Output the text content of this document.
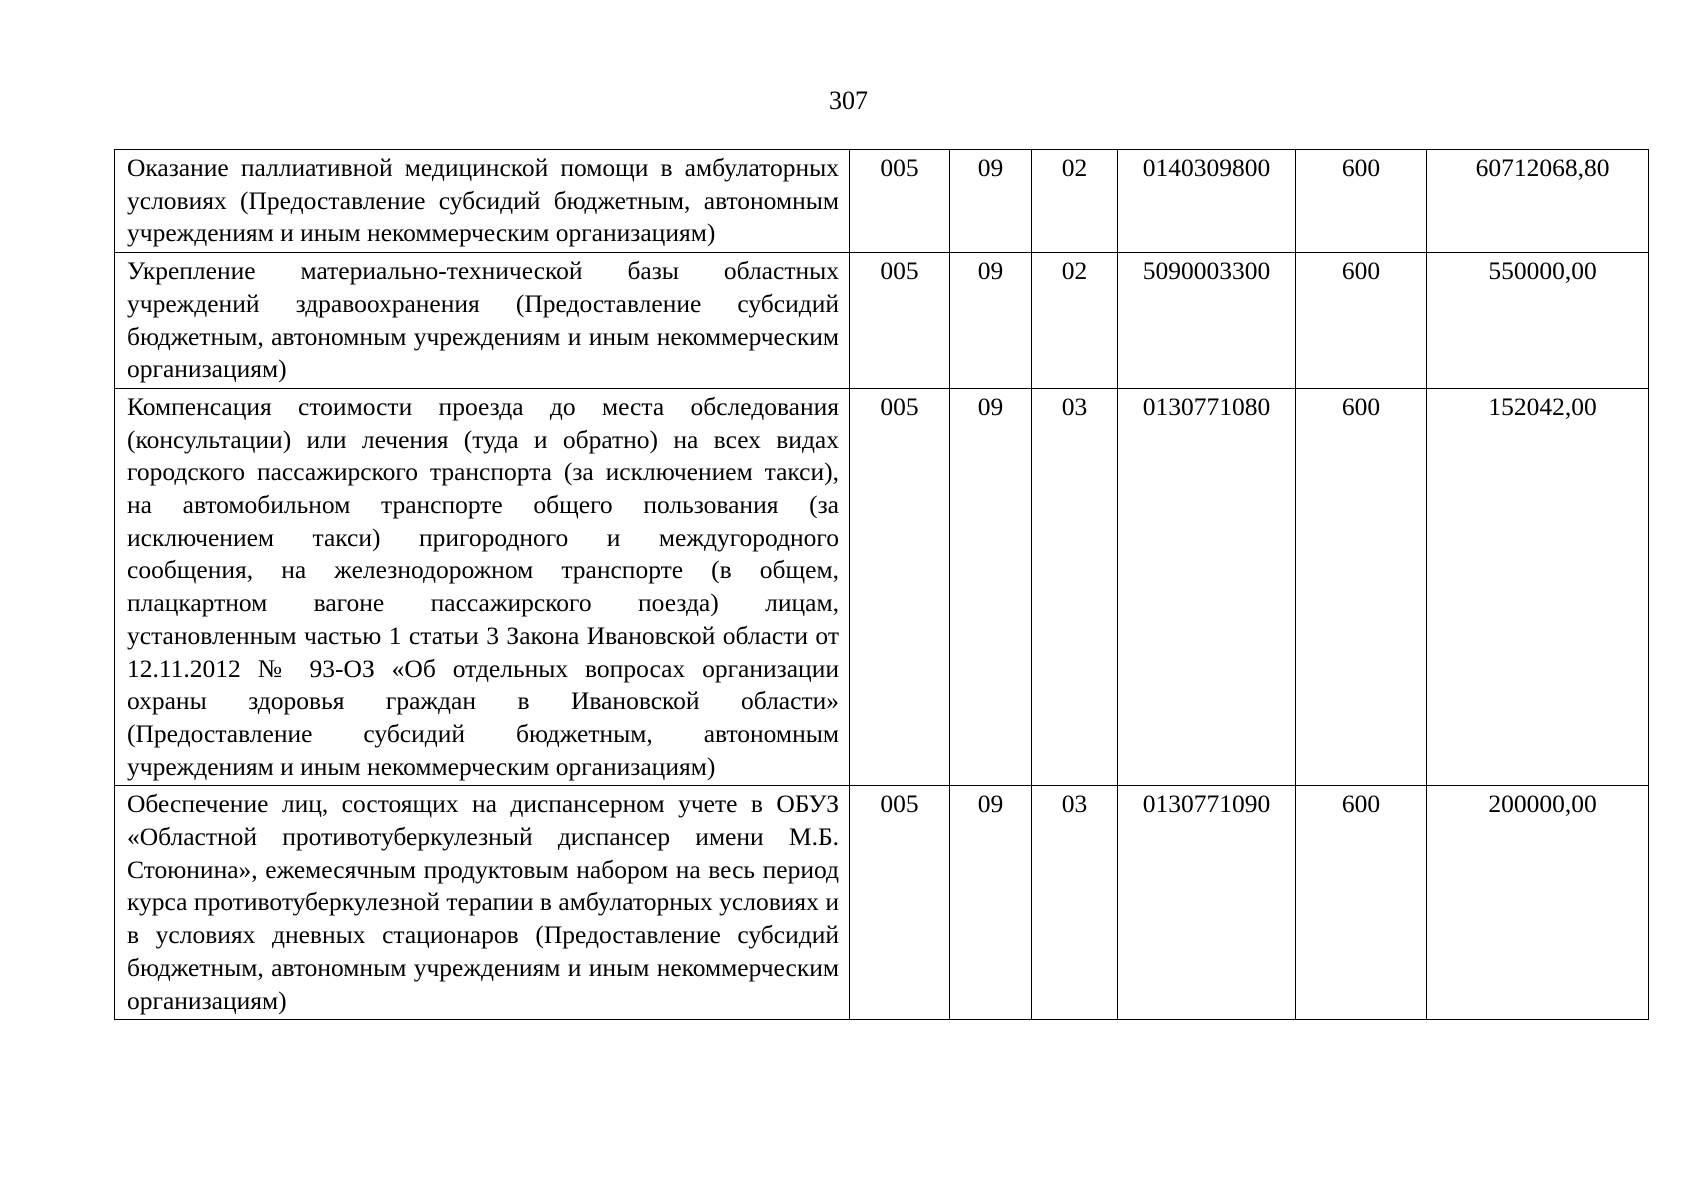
307
Оказание паллиативной медицинской помощи в амбулаторных условиях (Предоставление субсидий бюджетным, автономным учреждениям и иным некоммерческим организациям)	005	09	02	0140309800	600	60712068,80
Укрепление материально-технической базы областных учреждений здравоохранения (Предоставление субсидий бюджетным, автономным учреждениям и иным некоммерческим организациям)	005	09	02	5090003300	600	550000,00
Компенсация стоимости проезда до места обследования (консультации) или лечения (туда и обратно) на всех видах городского пассажирского транспорта (за исключением такси), на автомобильном транспорте общего пользования (за исключением такси) пригородного и междугородного сообщения, на железнодорожном транспорте (в общем, плацкартном вагоне пассажирского поезда) лицам, установленным частью 1 статьи 3 Закона Ивановской области от 12.11.2012 № 93-ОЗ «Об отдельных вопросах организации охраны здоровья граждан в Ивановской области» (Предоставление субсидий бюджетным, автономным учреждениям и иным некоммерческим организациям)	005	09	03	0130771080	600	152042,00
Обеспечение лиц, состоящих на диспансерном учете в ОБУЗ «Областной противотуберкулезный диспансер имени М.Б. Стоюнина», ежемесячным продуктовым набором на весь период курса противотуберкулезной терапии в амбулаторных условиях и в условиях дневных стационаров (Предоставление субсидий бюджетным, автономным учреждениям и иным некоммерческим организациям)	005	09	03	0130771090	600	200000,00
